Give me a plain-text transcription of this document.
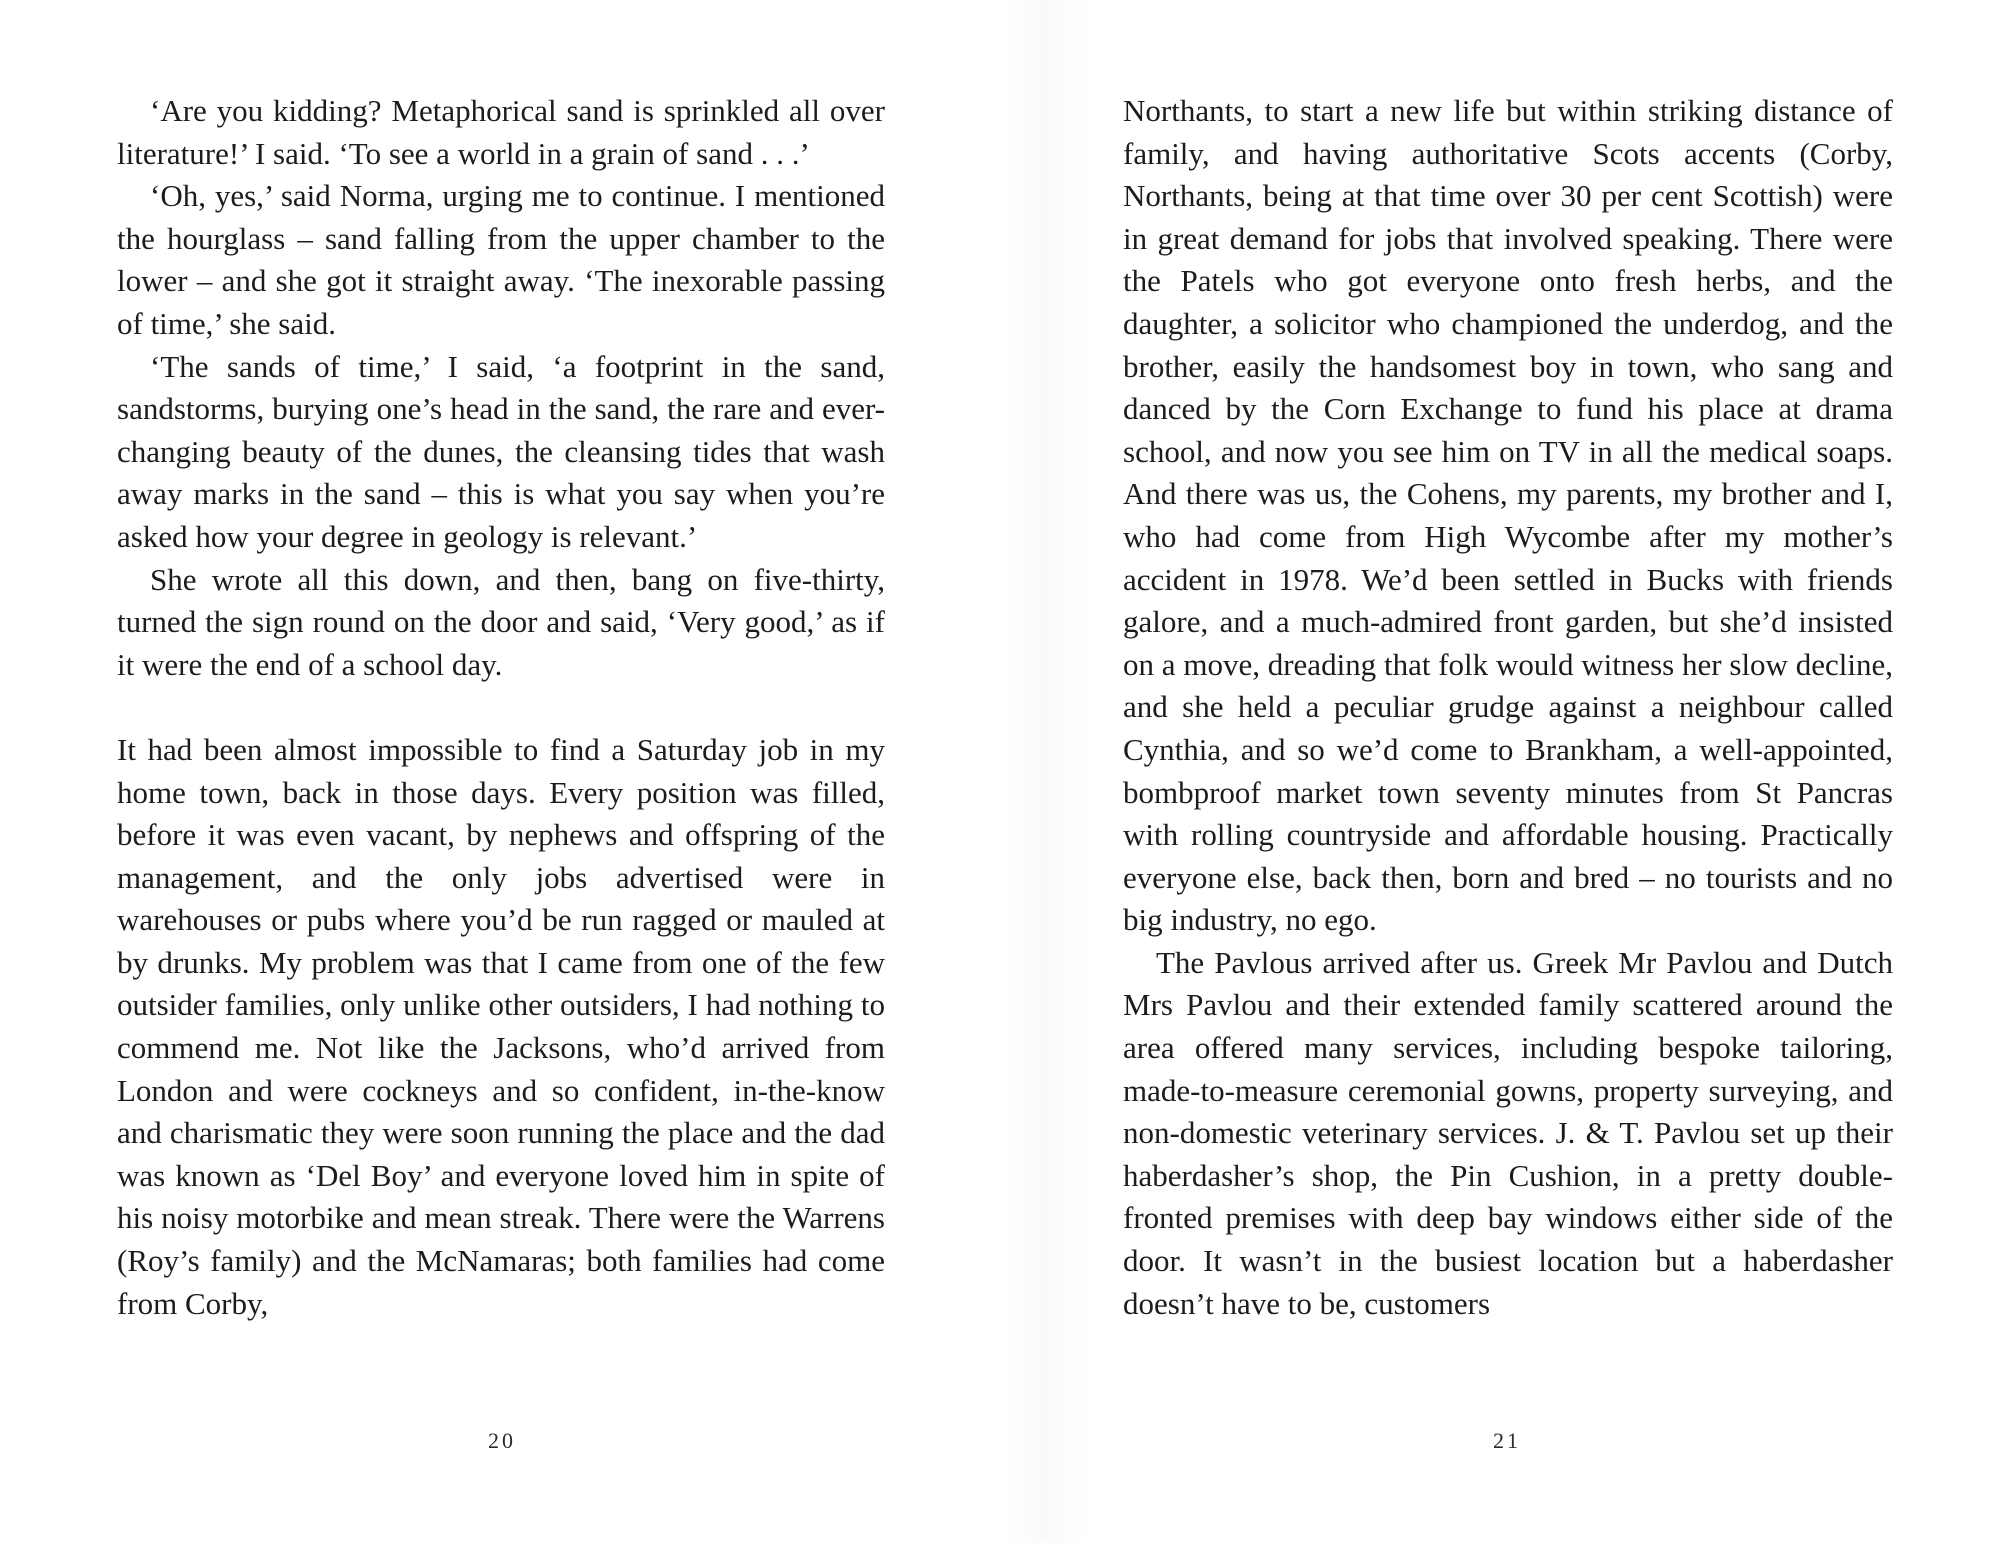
‘Are you kidding? Metaphorical sand is sprinkled all over literature!’ I said. ‘To see a world in a grain of sand . . .’

‘Oh, yes,’ said Norma, urging me to continue. I mentioned the hourglass – sand falling from the upper chamber to the lower – and she got it straight away. ‘The inexorable passing of time,’ she said.

‘The sands of time,’ I said, ‘a footprint in the sand, sandstorms, burying one’s head in the sand, the rare and ever-changing beauty of the dunes, the cleansing tides that wash away marks in the sand – this is what you say when you’re asked how your degree in geology is relevant.’

She wrote all this down, and then, bang on five-thirty, turned the sign round on the door and said, ‘Very good,’ as if it were the end of a school day.

It had been almost impossible to find a Saturday job in my home town, back in those days. Every position was filled, before it was even vacant, by nephews and offspring of the management, and the only jobs advertised were in warehouses or pubs where you’d be run ragged or mauled at by drunks. My problem was that I came from one of the few outsider families, only unlike other outsiders, I had nothing to commend me. Not like the Jacksons, who’d arrived from London and were cockneys and so confident, in-the-know and charismatic they were soon running the place and the dad was known as ‘Del Boy’ and everyone loved him in spite of his noisy motorbike and mean streak. There were the Warrens (Roy’s family) and the McNamaras; both families had come from Corby,

Northants, to start a new life but within striking distance of family, and having authoritative Scots accents (Corby, Northants, being at that time over 30 per cent Scottish) were in great demand for jobs that involved speaking. There were the Patels who got everyone onto fresh herbs, and the daughter, a solicitor who championed the underdog, and the brother, easily the handsomest boy in town, who sang and danced by the Corn Exchange to fund his place at drama school, and now you see him on TV in all the medical soaps. And there was us, the Cohens, my parents, my brother and I, who had come from High Wycombe after my mother’s accident in 1978. We’d been settled in Bucks with friends galore, and a much-admired front garden, but she’d insisted on a move, dreading that folk would witness her slow decline, and she held a peculiar grudge against a neighbour called Cynthia, and so we’d come to Brankham, a well-appointed, bombproof market town seventy minutes from St Pancras with rolling countryside and affordable housing. Practically everyone else, back then, born and bred – no tourists and no big industry, no ego.

The Pavlous arrived after us. Greek Mr Pavlou and Dutch Mrs Pavlou and their extended family scattered around the area offered many services, including bespoke tailoring, made-to-measure ceremonial gowns, property surveying, and non-domestic veterinary services. J. & T. Pavlou set up their haberdasher’s shop, the Pin Cushion, in a pretty double-fronted premises with deep bay windows either side of the door. It wasn’t in the busiest location but a haberdasher doesn’t have to be, customers

20	21
